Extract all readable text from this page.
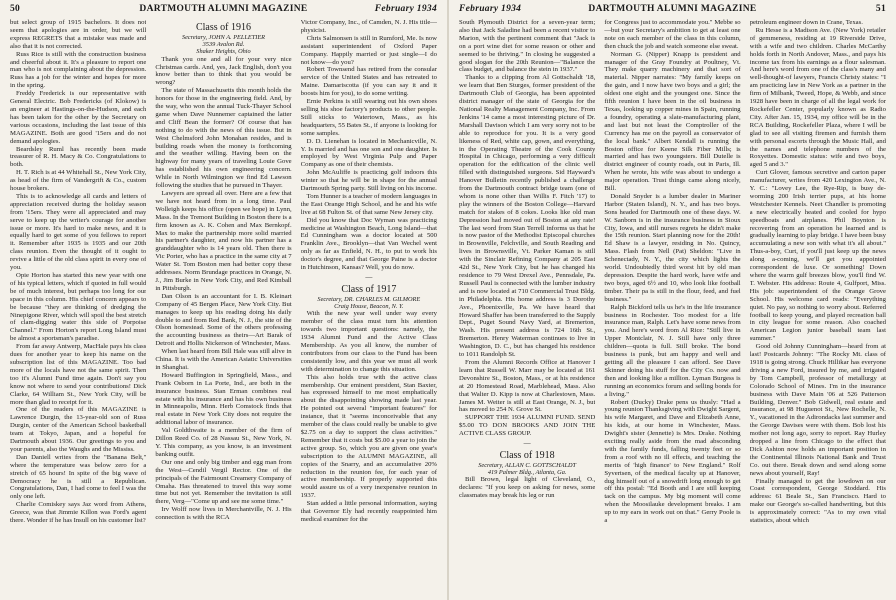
50	DARTMOUTH ALUMNI MAGAZINE	February 1934

but select group of 1915 bachelors. It does not seem that apologies are in order, but we will express REGRETS that a mistake was made and also that it is not corrected.

Russ Rice is still with the construction business and cheerful about it. It's a pleasure to report one man who is not complaining about the depression. Russ has a job for the winter and hopes for more in the spring.

Freddy Frederick is our representative with General Electric. Bob Fredericks (of Klokow) is an engineer at Hastings-on-the-Hudson, and each has been taken for the other by the Secretary on various occasions, including the last issue of this MAGAZINE. Both are good '15ers and do not demand apologies.

Beardsley Ruml has recently been made treasurer of R. H. Macy & Co. Congratulations to both.

H. T. Rich is at 44 Whitehall St., New York City, as head of the firm of Vandergrift & Co., custom house brokers.

This is to acknowledge all cards and letters of appreciation received during the holiday season from '15ers. They were all appreciated and may serve to keep up the writer's courage for another issue or more. It's hard to make news, and it is equally hard to get some of you fellows to report it. Remember after 1935 is 1935 and our 20th class reunion. Even the thought of it ought to revive a little of the old class spirit in every one of you.

Opie Horton has started this new year with one of his typical letters, which if quoted in full would be of much interest, but perhaps too long for our space in this column. His chief concern appears to be because "they are thinking of dredging the Ninepigone River, which will spoil the best stretch of clam-digging water this side of Porpoise Channel." From Horton's report Long Island must be almost a sportsman's paradise.

From far away Antwerp, MacHale pays his class dues for another year to keep his name on the subscription list of this MAGAZINE. Too bad more of the locals have not the same spirit. Then too it's Alumni Fund time again. Don't say you know not where to send your contributions! Dick Clarke, 64 William St., New York City, will be more than glad to receipt for it.

One of the readers of this MAGAZINE is Lawrence Durgin, the 13-year-old son of Russ Durgin, center of the American School basketball team at Tokyo, Japan, and a hopeful for Dartmouth about 1936. Our greetings to you and your parents, also the Waughs and the Mississ.

Dan Daniell writes from the "Banana Belt," where the temperature was below zero for a stretch of 65 hours! In spite of the big wave of Democracy he is still a Republican. Congratulations, Dan, I had come to feel I was the only one left.

Charlie Comiskey says Jaz word from Athens, Greece, was that Jimmie Killon was Ford's agent there. Wonder if he has Insull on his customer list?

Class of 1916
Secretary, JOHN A. PELLETIER
3539 Avalon Rd.
Shaker Heights, Ohio

Thank you one and all for your very nice Christmas cards. And, yes, Jack English, don't you know better than to think that you would be wrong?

The state of Massachusetts this month holds the honors for those in the engineering field. And, by the way, who won the annual Tuck-Thayer School game when Dave Nunnemer captained the latter and Cliff Bean the former? Of course that has nothing to do with the news of this issue. But in West Chelmsford John Monahan resides, and is building roads when the money is forthcoming and the weather willing. Having been on the highway for many years of traveling Louie Gove has established his own engineering concern. While in North Wilmington we find Ed Lawson following the studies that he pursued in Thayer.

Lawyers are spread all over. Here are a few that we have not heard from in a long time. Paul Wolleigh keeps his office (open we hope) in Lynn, Mass. In the Tremont Building in Boston there is a firm known as A. K. Cohen and Max Bernkopf. Max to make the partnership more solid married his partner's daughter, and now his partner has a granddaughter who is 14 years old. Then there is Vic Porter, who has a practice in the same city at 7 Water St. Tom Boston men had better copy these addresses. Norm Brundage practices in Orange, N. J., Jim Burke in New York City, and Red Kimball in Pittsburgh.

Dan Olson is an accountant for I. B. Kleinart Company of 45 Bergen Place, New York City. But manages to keep up his reading doing his daily double to and from Red Bank, N. J., the site of the Olson homestead. Some of the others professing the accounting business as theirs—Art Barak of Detroit and Hollis Nickerson of Winchester, Mass.

When last heard from Bill Hale was still alive in China. It is with the American Asiatic Universities in Shanghai.

Howard Buffington in Springfield, Mass., and Frank Osborn in La Porte, Ind., are both in the insurance business. Stan Erman combines real estate with his insurance and has his own business in Minneapolis, Minn. Herb Comstock finds that real estate in New York City does not require the additional labor of insurance.

Val Goldthwaite is a member of the firm of Dillon Reed Co. of 28 Nassau St., New York, N. Y. This company, as you know, is an investment banking outfit.

Our one and only big timber and egg man from the West—Cendil Vergil Rector. One of the principals of the Fairmount Creamery Company of Omaha. Has threatened to travel this way some time but not yet. Remember the invitation is still there, Verg—"Come up and see me some time."

Irv Wolff now lives in Merchantville, N. J. His connection is with the RCA

Victor Company, Inc., of Camden, N. J. His title—physicist.

Chris Salmonsen is still in Rumford, Me. Is now assistant superintendent of Oxford Paper Company. Happily married or just single—I do not know—do you?

Robert Townsend has retired from the consular service of the United States and has retreated to Maine. Damariscotta (if you can say it and it boosts him for you), to do some writing.

Ernie Perkins is still wearing out his own shoes selling his shoe factory's products to other people. Still sticks to Watertown, Mass., as his headquarters, 55 Bates St., if anyone is looking for some samples.

D. D. Lienehan is located in Mechanicville, N. Y. Is married and has one son and one daughter. Is employed by West Virginia Pulp and Paper Company as one of their chemists.

John McAuliffe is practicing golf indoors this winter so that he will be in shape for the annual Dartmouth Spring party. Still living on his income.

Tom Hunner is a teacher of modern languages in the East Orange High School, and he and his wife live at 68 Fulton St. of that same New Jersey city.

Did you know that Doc Wyman was practicing medicine at Washington Beach, Long Island—that Ed Cunningham was a doctor located at 500 Franklin Ave., Brooklyn—that Van Wechel went only as far as Enfield, N. H., to put to work his doctor's degree, and that George Paine is a doctor in Hutchinson, Kansas? Well, you do now.

—
Class of 1917
Secretary, DR. CHARLES M. GILMORE
Craig House, Beacon, N. Y.

With the new year well under way every member of the class must turn his attention towards two important questions: namely, the 1934 Alumni Fund and the Active Class Membership. As you all know, the number of contributors from our class to the Fund has been consistently low, and this year we must all work with determination to change this situation.

This also holds true with the active class membership. Our eminent president, Stan Baxter, has expressed himself to me most emphatically about the disappointing showing made last year. He pointed out several "important features" for instance, that it "seems inconceivable that any member of the class could really be unable to give $2.75 on a day to support the class activities." Remember that it costs but $5.00 a year to join the active group. So, which you are given one year's subscription to the ALUMNI MAGAZINE, all copies of the Snarry, and an accumulative 20% reduction in the reunion fee, for each year of active membership. If properly supported this would assure us of a very inexpensive reunion in 1937.

Stan added a little personal information, saying that Governor Ely had recently reappointed him medical examiner for the

February 1934	DARTMOUTH ALUMNI MAGAZINE	51

South Plymouth District for a seven-year term; also that Jack Saladine had been a recent visitor to Marion, with the pertinent comment that "Jack is on a port wine diet for some reason or other and seemed to be thriving." In closing he suggested a good slogan for the 20th Reunion—"Balance the class budget, and balance the stein in 1937."

Thanks to a clipping from Al Gottschaldt '18, we learn that Ben Sturges, former president of the Dartmouth Club of Georgia, has been appointed district manager of the state of Georgia for the National Realty Management Company, Inc. From Jenkins '14 came a most interesting picture of Dr. Marshall Davison which I am very sorry not to be able to reproduce for you. It is a very good likeness of Red, white cap, gown, and everything, in the Operating Theatre of the Cook County Hospital in Chicago, performing a very difficult operation for the edification of the clinic well filled with distinguished surgeons. Sid Hayward's Hanover Bulletin recently published a challenge from the Dartmouth contract bridge team (one of whom is none other than Willis F. Fitch '17) to play the winners of the Boston College—Harvard match for stakes of 8 cokes. Looks like old man Depression had moved out of Boston at any rate! The last word from Stan Terrell informs us that he is now pastor of the Methodist Episcopal churches in Brownville, Felchville, and South Reading and lives in Brownsville, Vt. Parker Kaman is still with the Sinclair Refining Company at 205 East 42d St., New York City, but he has changed his residence to 79 West Drexel Ave., Pennsdale, Pa. Russell Paul is connected with the lumber industry and is now located at 710 Commercial Trust Bldg. in Philadelphia. His home address is 3 Dorothy Ave., Phoenixville, Pa. We have heard that Howard Shaffer has been transferred to the Supply Dept., Puget Sound Navy Yard, at Bremerton, Wash. His present address is 724 16th St., Bremerton. Henry Waterman continues to live in Washington, D. C., but has changed his residence to 1011 Randolph St.

From the Alumni Records Office at Hanover I learn that Russell W. Marr may be located at 161 Devonshire St., Boston, Mass., or at his residence at 20 Homestead Road, Marblehead, Mass. Also that Walter D. Kipp is now at Charlestown, Mass. James M. Weiter is still at East Orange, N. J., but has moved to 254 N. Grove St.

SUPPORT THE 1934 ALUMNI FUND. SEND $5.00 TO DON BROOKS AND JOIN THE ACTIVE CLASS GROUP.

—
Class of 1918
Secretary, ALLAN C. GOTTSCHALDT
419 Palmer Bldg., Atlanta, Ga.

Bill Brown, legal light of Cleveland, O., declares: "If you keep on asking for news, some classmates may break his leg or run

for Congress just to accommodate you." Mebbe so—but your Secretary's ambition to get at least one note on each member of the class in this column, then chuck the job and watch someone else sweat.

Norman G. (Nipper) Knapp is president and manager of the Gray Foundry at Poultney, Vt. They make quarry machinery and that sort of material. Nipper narrates: "My family keeps on the gain, and I now have two boys and a girl; the oldest one eight and the youngest one. Since the fifth reunion I have been in the oil business in Texas, looking up copper mines in Spain, running a foundry, operating a slate-manufacturing plant, and last but not least the Comptroller of the Currency has me on the payroll as conservator of the local bank." Albert Kendall is running the Boston office for Keene Silk Fiber Mills; is married and has two youngsters. Bill Dutelle is district engineer of county roads, out in Paris, Ill. When he wrote, his wife was about to undergo a major operation. Trust things came along nicely, Bill.

Donald Snyder is a lumber dealer in Mariner Harbor (Staten Island), N. Y., and has two boys. Sons headed for Dartmouth one of these days. W. W. Sanborn is in the insurance business in Sioux City, Iowa, and still nurses regrets he didn't make the 15th reunion. Start planning now for the 20th! Ed Shaw is a lawyer, residing in No. Quincy, Mass. Flash from Nell (Pat) Sheldon: "Live in Schenectady, N. Y., the city which lights the world. Undoubtedly third worst hit by old man depression. Despite the hard work, have wife and two boys, aged 6½ and 10, who look like football timber. Their pa is still in the flour, feed, and fuel business."

Ralph Bickford tells us he's in the life insurance business in Rochester. Too modest for a life insurance man, Ralph. Let's have some news from you. And here's word from Al Rice: "Still live in Upper Montclair, N. J. Still have only three children—quota is full. Still broke. The bond business is punk, but am happy and well and getting all the pleasure I can afford. See Dave Skinner doing his stuff for the City Co. now and then and looking like a million. Lyman Burgess is running an economics forum and selling bonds for a living."

Robert (Ducky) Drake pens us thusly: "Had a young reunion Thanksgiving with Dwight Sargent, his wife Margaret, and Dave and Elizabeth Anne, his kids, at our home in Winchester, Mass. Dwight's sister (Jennette) is Mrs. Drake. Nothing exciting really aside from the mad absconding with the family funds, falling twenty feet or so from a roof with no ill effects, and teaching the merits of 'high finance' to New England." Rolf Syvertsen, of the medical faculty up at Hanover, dug himself out of a snowdrift long enough to get off this postal: "Ed Booth and I are still keeping tack on the campus. My big moment will come when the Moosilauke development breaks. I am up to my ears in work out on that." Gerry Poole is a

petroleum engineer down in Crane, Texas.

Ru Hesse is a Madison Ave. (New York) retailer of gemmeness, residing at 19 Riverside Drive, with a wife and two children. Charles McCarthy holds forth in North Andover, Mass., and pays his income tax from his earnings as a flour salesman. And here's word from one of the class's many and well-thought-of lawyers, Francis Christy states: "I am practicing law in New York as a partner in the firm of Milbank, Tweed, Hope, & Webb, and since 1928 have been in charge of all the legal work for Rockefeller Center, popularly known as Radio City. After Jan. 15, 1934, my office will be in the RCA Building, Rockefeller Plaza, where I will be glad to see all visiting firemen and furnish them with personal escorts through the Music Hall, and the names and telephone numbers of the Roxyettes. Domestic status: wife and two boys, aged 5 and 3."

Curt Glover, famous secretive and carton paper manufacturer, writes from 420 Lexington Ave., N. Y. C.: "Lovey Lee, the Rye-Rip, is busy de-worming 200 Irish terrier pups, at his home Westchester Kennels. Neet Chandler is promoting a new electrically heated and cooled for hypo speedboats and airplanes. Phil Boynton is recovering from an operation he learned and is gradually learning to play bridge. I have been busy accumulating a new son with what it's all about." Thus-a-boy, Curt, if you'll just keep up the news along a-coming, we'll get you appointed correspondent de luxe. Or something! Down where the warm gulf breezes blow, you'll find W. T. Webster. His address: Route 4, Gulfport, Miss. His job: superintendent of the Orange Grove School. His welcome card reads: "Everything quiet. No pay, so nothing to worry about. Referred football to keep young, and played recreation ball in city league for some reason. Also coached American Legion junior baseball team last summer."

Good old Johnny Cunningham—heard from at last! Postcards Johnny: "The Rocky Mt. class of 1918 is going strong. Chuck Hillikar has everyone driving a new Ford, insured by me, and irrigated by Tom Campbell, professor of metallurgy at Colorado School of Mines. I'm in the insurance business with Dave Main '06 at 526 Patterson Building, Denver." Bob Gidwell, real estate and insurance, at 98 Huguenot St., New Rochelle, N. Y., vacationed in the Adirondacks last summer and the George Davises were with them. Bob lost his mother not long ago, sorry to report. Ray Hurley dropped a line from Chicago to the effect that Dick Ashton now holds an important position in the Continental Illinois National Bank and Trust Co. out there. Break down and send along some news about yourself, Ray!

Finally managed to get the lowdown on our Coast correspondent, George Stoddard. His address: 61 Beale St., San Francisco. Hard to make our George's so-called handwriting, but this is approximately correct: "As to my own vital statistics, about which
